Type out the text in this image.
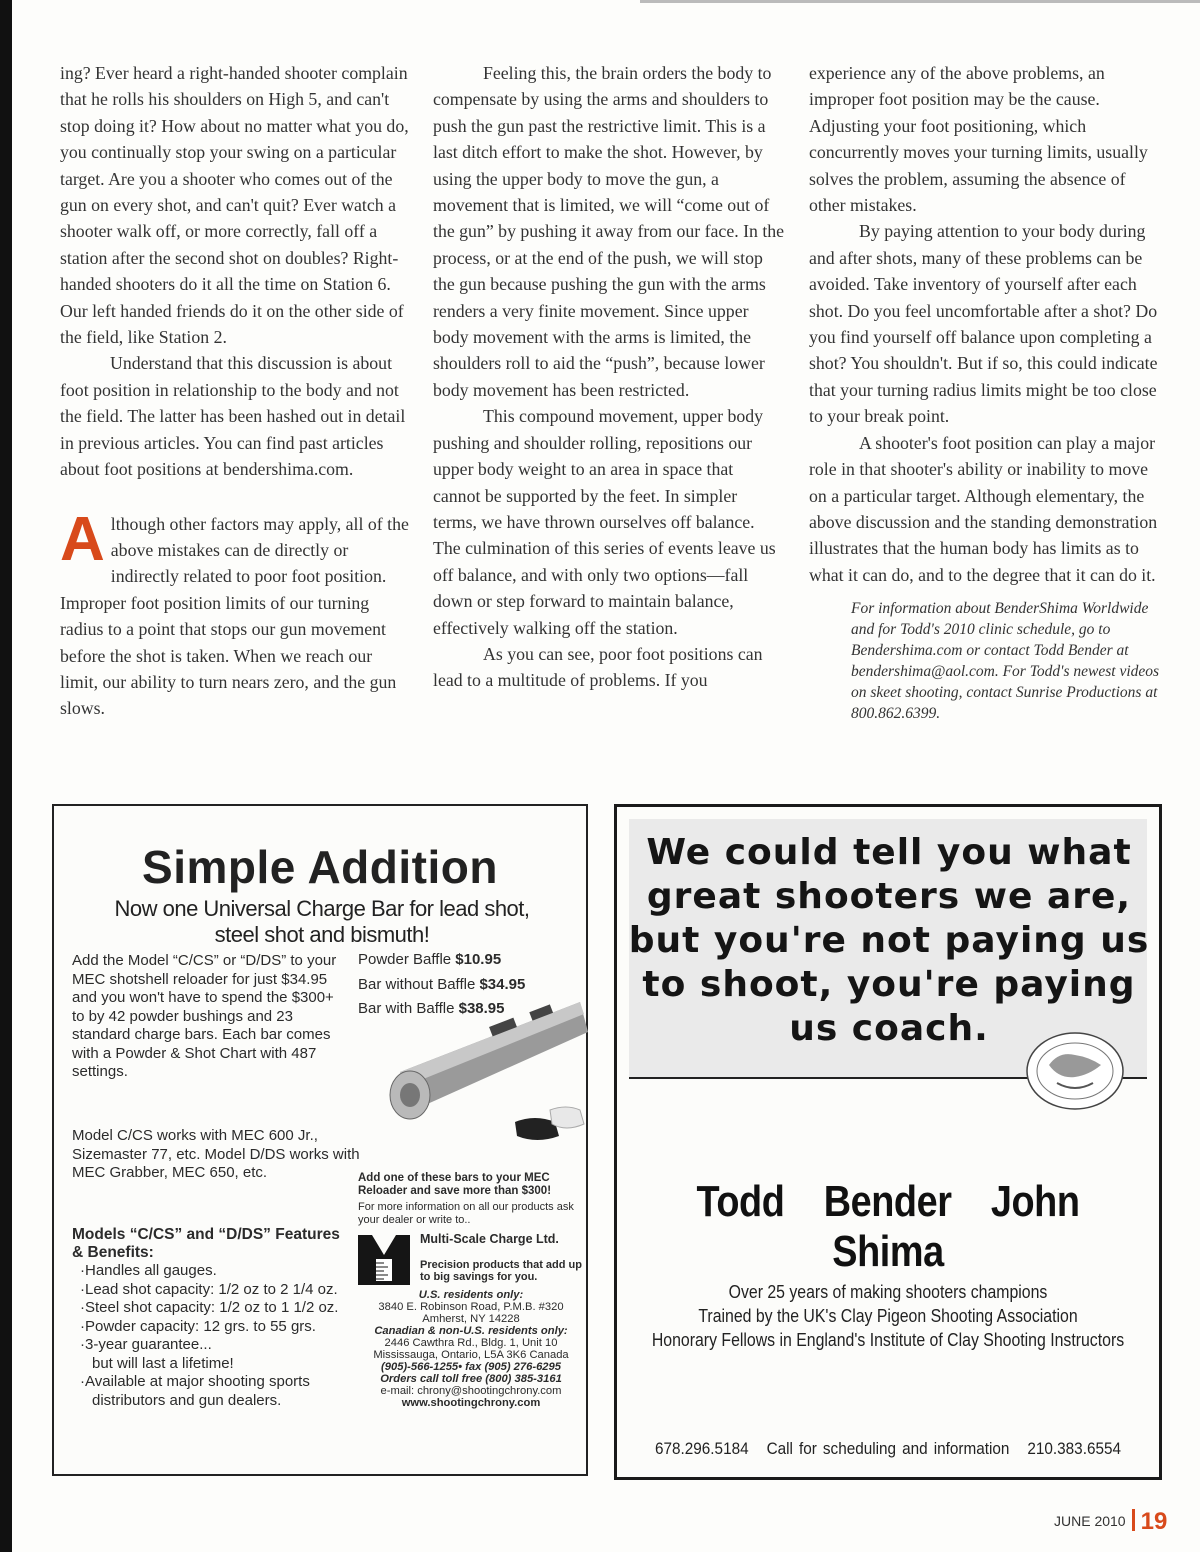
ing? Ever heard a right-handed shooter complain that he rolls his shoulders on High 5, and can't stop doing it? How about no matter what you do, you continually stop your swing on a particular target. Are you a shooter who comes out of the gun on every shot, and can't quit? Ever watch a shooter walk off, or more correctly, fall off a station after the second shot on doubles? Right-handed shooters do it all the time on Station 6. Our left handed friends do it on the other side of the field, like Station 2.

Understand that this discussion is about foot position in relationship to the body and not the field. The latter has been hashed out in detail in previous articles. You can find past articles about foot positions at bendershima.com.

Although other factors may apply, all of the above mistakes can de directly or indirectly related to poor foot position. Improper foot position limits of our turning radius to a point that stops our gun movement before the shot is taken. When we reach our limit, our ability to turn nears zero, and the gun slows.

Feeling this, the brain orders the body to compensate by using the arms and shoulders to push the gun past the restrictive limit. This is a last ditch effort to make the shot. However, by using the upper body to move the gun, a movement that is limited, we will “come out of the gun” by pushing it away from our face. In the process, or at the end of the push, we will stop the gun because pushing the gun with the arms renders a very finite movement. Since upper body movement with the arms is limited, the shoulders roll to aid the “push”, because lower body movement has been restricted.

This compound movement, upper body pushing and shoulder rolling, repositions our upper body weight to an area in space that cannot be supported by the feet. In simpler terms, we have thrown ourselves off balance. The culmination of this series of events leave us off balance, and with only two options—fall down or step forward to maintain balance, effectively walking off the station.

As you can see, poor foot positions can lead to a multitude of problems. If you

experience any of the above problems, an improper foot position may be the cause. Adjusting your foot positioning, which concurrently moves your turning limits, usually solves the problem, assuming the absence of other mistakes.

By paying attention to your body during and after shots, many of these problems can be avoided. Take inventory of yourself after each shot. Do you feel uncomfortable after a shot? Do you find yourself off balance upon completing a shot? You shouldn't. But if so, this could indicate that your turning radius limits might be too close to your break point.

A shooter's foot position can play a major role in that shooter's ability or inability to move on a particular target. Although elementary, the above discussion and the standing demonstration illustrates that the human body has limits as to what it can do, and to the degree that it can do it.

For information about BenderShima Worldwide and for Todd's 2010 clinic schedule, go to Bendershima.com or contact Todd Bender at bendershima@aol.com. For Todd's newest videos on skeet shooting, contact Sunrise Productions at 800.862.6399.

Simple Addition
Now one Universal Charge Bar for lead shot,
steel shot and bismuth!
Add the Model “C/CS” or “D/DS” to your MEC shotshell reloader for just $34.95 and you won't have to spend the $300+ to by 42 powder bushings and 23 standard charge bars. Each bar comes with a Powder & Shot Chart with 487 settings.
Powder Baffle $10.95
Bar without Baffle $34.95
Bar with Baffle $38.95
Model C/CS works with MEC 600 Jr., Sizemaster 77, etc. Model D/DS works with MEC Grabber, MEC 650, etc.
Models “C/CS” and “D/DS” Features & Benefits:
·Handles all gauges.
·Lead shot capacity: 1/2 oz to 2 1/4 oz.
·Steel shot capacity: 1/2 oz to 1 1/2 oz.
·Powder capacity: 12 grs. to 55 grs.
·3-year guarantee...
but will last a lifetime!
·Available at major shooting sports
distributors and gun dealers.
Add one of these bars to your MEC Reloader and save more than $300!
For more information on all our products ask your dealer or write to..
Multi-Scale Charge Ltd.
Precision products that add up to big savings for you.
U.S. residents only:
3840 E. Robinson Road, P.M.B. #320
Amherst, NY 14228
Canadian & non-U.S. residents only:
2446 Cawthra Rd., Bldg. 1, Unit 10
Mississauga, Ontario, L5A 3K6 Canada
(905)-566-1255• fax (905) 276-6295
Orders call toll free (800) 385-3161
e-mail: chrony@shootingchrony.com
www.shootingchrony.com
We could tell you what great shooters we are, but you're not paying us to shoot, you're paying us coach.
Todd Bender John Shima
Over 25 years of making shooters champions
Trained by the UK's Clay Pigeon Shooting Association
Honorary Fellows in England's Institute of Clay Shooting Instructors
678.296.5184 Call for scheduling and information 210.383.6554
JUNE 2010 19
